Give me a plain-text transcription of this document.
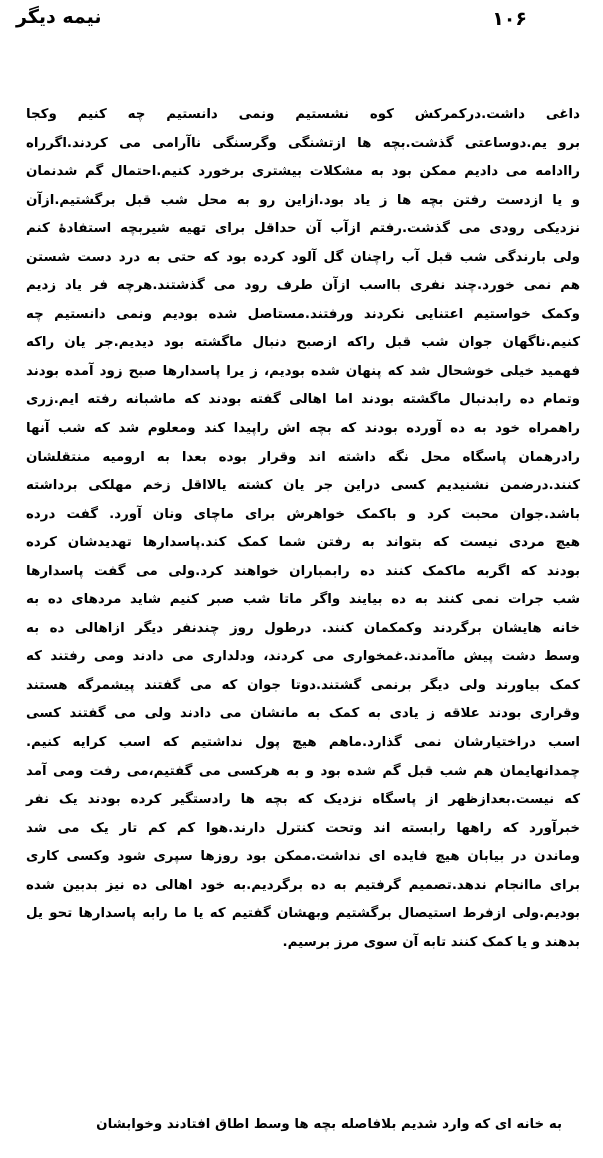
نیمه دیگر	۱۰۶
داغی داشت.درکمرکش کوه نشستیم ونمی دانستیم چه کنیم وکجا
برو یم.دوساعتی گذشت.بچه ها ازتشنگی وگرسنگی ناآرامی می کردند.اگرراه
راادامه می دادیم ممکن بود به مشکلات بیشتری برخورد کنیم.احتمال گم شدنمان
و یا ازدست رفتن بچه ها ز یاد بود.ازاین رو به محل شب قبل برگشتیم.ازآن
نزدیکی رودی می گذشت.رفتم ازآب آن حداقل برای تهیه شیربچه استفادهٔ کنم
ولی بارندگی شب قبل آب راچنان گل آلود کرده بود که حتی به درد دست شستن
هم نمی خورد.چند نفری بااسب ازآن طرف رود می گذشتند.هرچه فر یاد زدیم
وکمک خواستیم اعتنایی نکردند ورفتند.مستاصل شده بودیم ونمی دانستیم چه
کنیم.ناگهان جوان شب قبل راکه ازصبح دنبال ماگشته بود دیدیم.جر یان راکه
فهمید خیلی خوشحال شد که پنهان شده بودیم، ز یرا پاسدارها صبح زود آمده بودند
وتمام ده رابدنبال ماگشته بودند اما اهالی گفته بودند که ماشبانه رفته ایم.زری
راهمراه خود به ده آورده بودند که بچه اش راپیدا کند ومعلوم شد که شب آنها
رادرهمان پاسگاه محل نگه داشته اند وقرار بوده بعدا به ارومیه منتقلشان
کنند.درضمن نشنیدیم کسی دراین جر یان کشته یالااقل زخم مهلکی برداشته
باشد.جوان محبت کرد و باکمک خواهرش برای ماچای ونان آورد. گفت درده
هیچ مردی نیست که بتواند به رفتن شما کمک کند.پاسدارها تهدیدشان کرده
بودند که اگربه ماکمک کنند ده رابمباران خواهند کرد.ولی می گفت پاسدارها
شب جرات نمی کنند به ده بیایند واگر ماتا شب صبر کنیم شاید مردهای ده به
خانه هایشان برگردند وکمکمان کنند. درطول روز چندنفر دیگر ازاهالی ده به
وسط دشت پیش ماآمدند.غمخواری می کردند، ودلداری می دادند ومی رفتند که
کمک بیاورند ولی دیگر برنمی گشتند.دوتا جوان که می گفتند پیشمرگه هستند
وقراری بودند علاقه ز یادی به کمک به مانشان می دادند ولی می گفتند کسی
اسب دراختیارشان نمی گذارد.ماهم هیچ پول نداشتیم که اسب کرایه کنیم.
چمدانهایمان هم شب قبل گم شده بود و به هرکسی می گفتیم،می رفت ومی آمد
که نیست.بعدازظهر از پاسگاه نزدیک که بچه ها رادستگیر کرده بودند یک نفر
خبرآورد که راهها رابسته اند وتحت کنترل دارند.هوا کم کم تار یک می شد
وماندن در بیابان هیچ فایده ای نداشت.ممکن بود روزها سپری شود وکسی کاری
برای ماانجام ندهد.تصمیم گرفتیم به ده برگردیم.به خود اهالی ده نیز بدبین شده
بودیم.ولی ازفرط استیصال برگشتیم وبهشان گفتیم که یا ما رابه پاسدارها تحو یل
بدهند و یا کمک کنند تابه آن سوی مرز برسیم.
به خانه ای که وارد شدیم بلافاصله بچه ها وسط اطاق افتادند وخوابشان
